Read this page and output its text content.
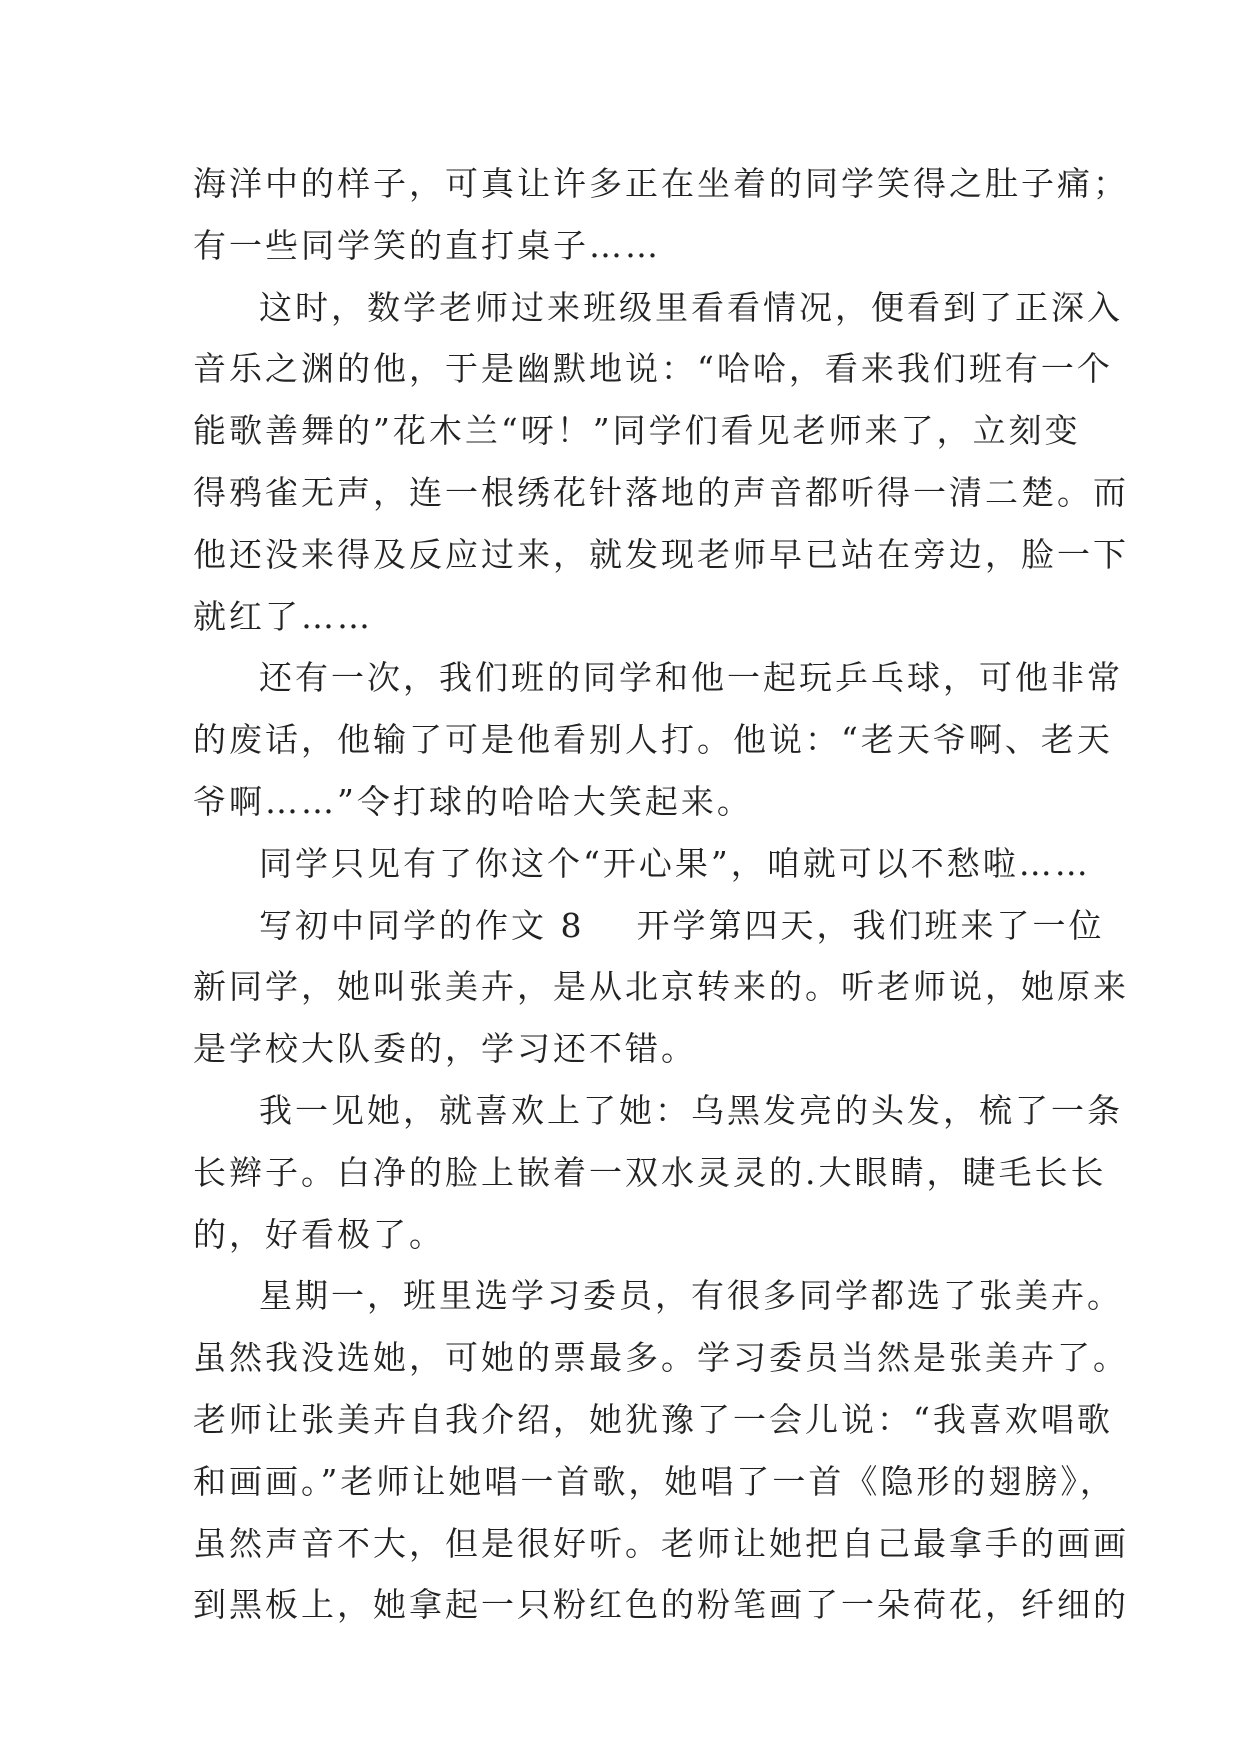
海洋中的样子，可真让许多正在坐着的同学笑得之肚子痛；
有一些同学笑的直打桌子……
这时，数学老师过来班级里看看情况，便看到了正深入
音乐之渊的他，于是幽默地说：“哈哈，看来我们班有一个
能歌善舞的”花木兰“呀！”同学们看见老师来了，立刻变
得鸦雀无声，连一根绣花针落地的声音都听得一清二楚。而
他还没来得及反应过来，就发现老师早已站在旁边，脸一下
就红了……
还有一次，我们班的同学和他一起玩乒乓球，可他非常
的废话，他输了可是他看别人打。他说：“老天爷啊、老天
爷啊……”令打球的哈哈大笑起来。
同学只见有了你这个“开心果”，咱就可以不愁啦……
写初中同学的作文 8 开学第四天，我们班来了一位
新同学，她叫张美卉，是从北京转来的。听老师说，她原来
是学校大队委的，学习还不错。
我一见她，就喜欢上了她：乌黑发亮的头发，梳了一条
长辫子。白净的脸上嵌着一双水灵灵的.大眼睛，睫毛长长
的，好看极了。
星期一，班里选学习委员，有很多同学都选了张美卉。
虽然我没选她，可她的票最多。学习委员当然是张美卉了。
老师让张美卉自我介绍，她犹豫了一会儿说：“我喜欢唱歌
和画画。”老师让她唱一首歌，她唱了一首《隐形的翅膀》，
虽然声音不大，但是很好听。老师让她把自己最拿手的画画
到黑板上，她拿起一只粉红色的粉笔画了一朵荷花，纤细的
